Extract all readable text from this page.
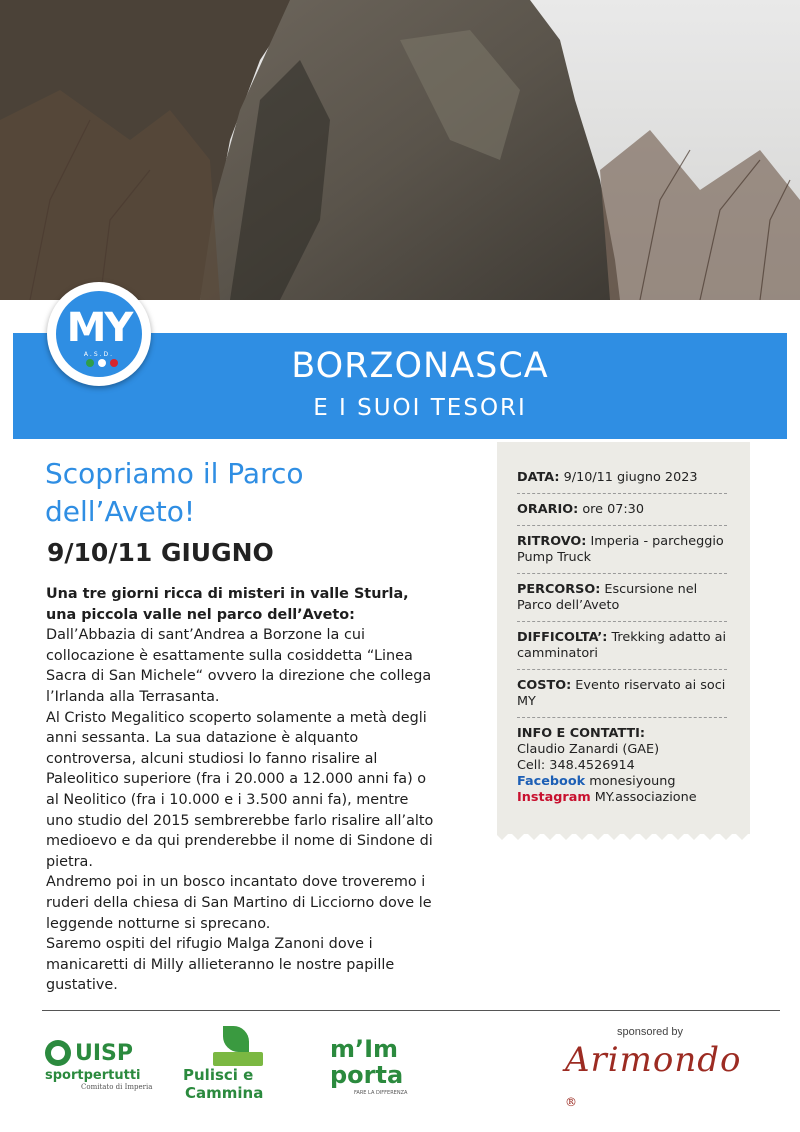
BORZONASCA
E I SUOI TESORI
MY
A.S.D.
Scopriamo il Parco dell’Aveto!
9/10/11 GIUGNO
Una tre giorni ricca di misteri in valle Sturla, una piccola valle nel parco dell’Aveto:

Dall’Abbazia di sant’Andrea a Borzone la cui collocazione è esattamente sulla cosiddetta “Linea Sacra di San Michele“ ovvero la direzione che collega l’Irlanda alla Terrasanta.

Al Cristo Megalitico scoperto solamente a metà degli anni sessanta. La sua datazione è alquanto controversa, alcuni studiosi lo fanno risalire al Paleolitico superiore (fra i 20.000 a 12.000 anni fa) o al Neolitico (fra i 10.000 e i 3.500 anni fa), mentre uno studio del 2015 sembrerebbe farlo risalire all’alto medioevo e da qui prenderebbe il nome di Sindone di pietra.

Andremo poi in un bosco incantato dove troveremo i ruderi della chiesa di San Martino di Licciorno dove le leggende notturne si sprecano.

Saremo ospiti del rifugio Malga Zanoni dove i manicaretti di Milly allieteranno le nostre papille gustative.

DATA: 9/10/11 giugno 2023
ORARIO: ore 07:30
RITROVO: Imperia - parcheggio Pump Truck
PERCORSO: Escursione nel Parco dell’Aveto
DIFFICOLTA’: Trekking adatto ai camminatori
COSTO: Evento riservato ai soci MY
INFO E CONTATTI:
Claudio Zanardi (GAE)
Cell: 348.4526914
Facebook monesiyoung
Instagram MY.associazione
UISP
sportpertutti
Comitato di Imperia
Pulisci e
Cammina
m’Im
porta
FARE LA DIFFERENZA
sponsored by
Arimondo ®
